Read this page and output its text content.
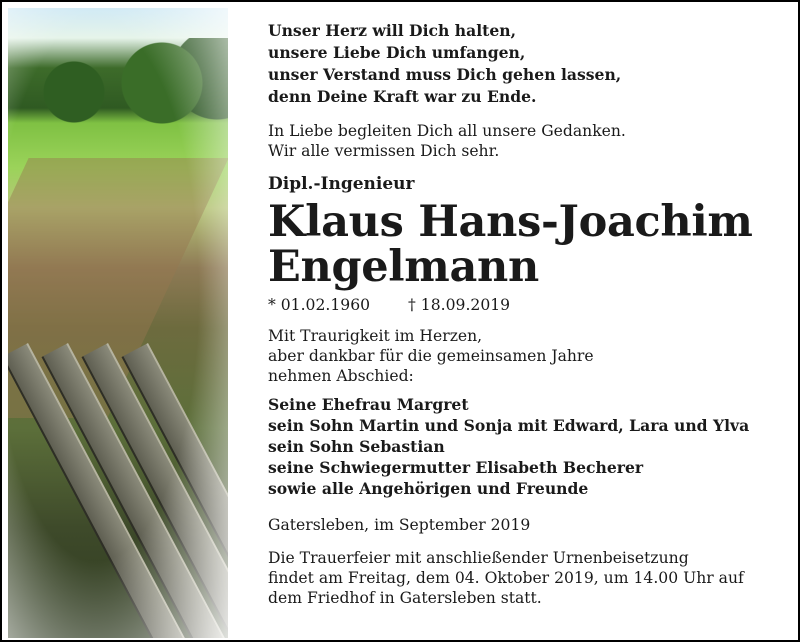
Unser Herz will Dich halten,
unsere Liebe Dich umfangen,
unser Verstand muss Dich gehen lassen,
denn Deine Kraft war zu Ende.
In Liebe begleiten Dich all unsere Gedanken.
Wir alle vermissen Dich sehr.
Dipl.-Ingenieur
Klaus Hans-Joachim
Engelmann
* 01.02.1960 † 18.09.2019
Mit Traurigkeit im Herzen,
aber dankbar für die gemeinsamen Jahre
nehmen Abschied:
Seine Ehefrau Margret
sein Sohn Martin und Sonja mit Edward, Lara und Ylva
sein Sohn Sebastian
seine Schwiegermutter Elisabeth Becherer
sowie alle Angehörigen und Freunde
Gatersleben, im September 2019
Die Trauerfeier mit anschließender Urnenbeisetzung
findet am Freitag, dem 04. Oktober 2019, um 14.00 Uhr auf
dem Friedhof in Gatersleben statt.
